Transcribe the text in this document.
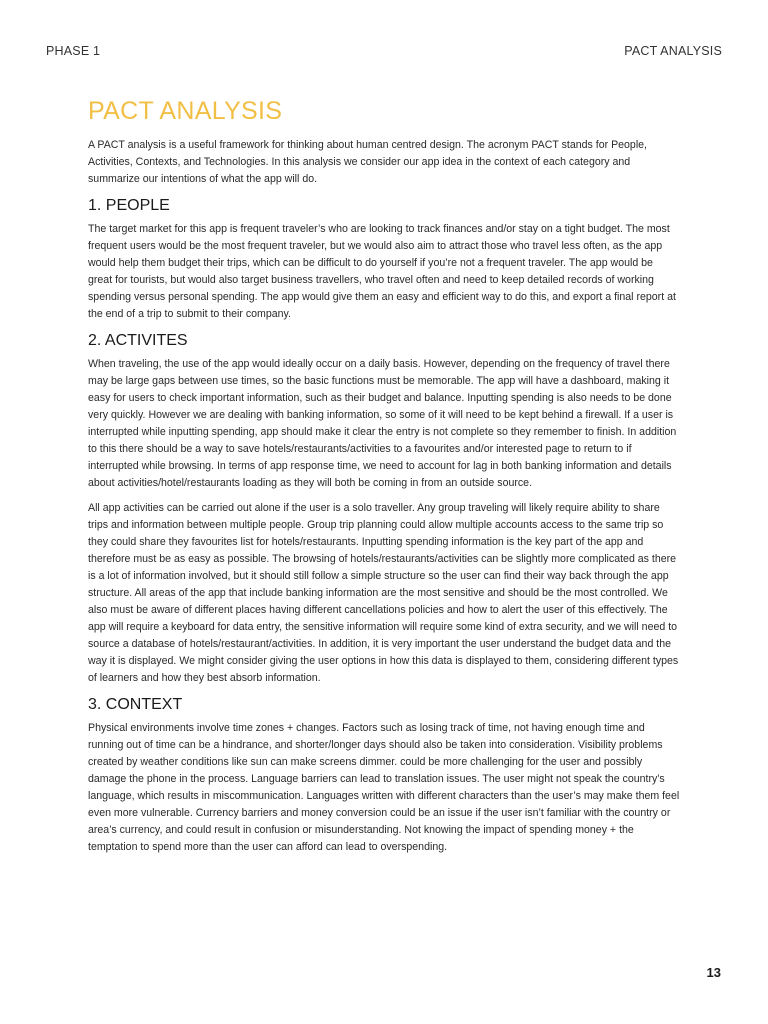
PHASE 1	PACT ANALYSIS
PACT ANALYSIS

A PACT analysis is a useful framework for thinking about human centred design. The acronym PACT stands for People, Activities, Contexts, and Technologies. In this analysis we consider our app idea in the context of each category and summarize our intentions of what the app will do.

1. PEOPLE

The target market for this app is frequent traveler’s who are looking to track finances and/or stay on a tight budget. The most frequent users would be the most frequent traveler, but we would also aim to attract those who travel less often, as the app would help them budget their trips, which can be difficult to do yourself if you’re not a frequent traveler. The app would be great for tourists, but would also target business travellers, who travel often and need to keep detailed records of working spending versus personal spending. The app would give them an easy and efficient way to do this, and export a final report at the end of a trip to submit to their company.

2. ACTIVITES

When traveling, the use of the app would ideally occur on a daily basis. However, depending on the frequency of travel there may be large gaps between use times, so the basic functions must be memorable. The app will have a dashboard, making it easy for users to check important information, such as their budget and balance. Inputting spending is also needs to be done very quickly. However we are dealing with banking information, so some of it will need to be kept behind a firewall. If a user is interrupted while inputting spending, app should make it clear the entry is not complete so they remember to finish. In addition to this there should be a way to save hotels/restaurants/activities to a favourites and/or interested page to return to if interrupted while browsing. In terms of app response time, we need to account for lag in both banking information and details about activities/hotel/restaurants loading as they will both be coming in from an outside source.

All app activities can be carried out alone if the user is a solo traveller. Any group traveling will likely require ability to share trips and information between multiple people. Group trip planning could allow multiple accounts access to the same trip so they could share they favourites list for hotels/restaurants. Inputting spending information is the key part of the app and therefore must be as easy as possible. The browsing of hotels/restaurants/activities can be slightly more complicated as there is a lot of information involved, but it should still follow a simple structure so the user can find their way back through the app structure. All areas of the app that include banking information are the most sensitive and should be the most controlled. We also must be aware of different places having different cancellations policies and how to alert the user of this effectively. The app will require a keyboard for data entry, the sensitive information will require some kind of extra security, and we will need to source a database of hotels/restaurant/activities. In addition, it is very important the user understand the budget data and the way it is displayed. We might consider giving the user options in how this data is displayed to them, considering different types of learners and how they best absorb information.

3. CONTEXT

Physical environments involve time zones + changes. Factors such as losing track of time, not having enough time and running out of time can be a hindrance, and shorter/longer days should also be taken into consideration. Visibility problems created by weather conditions like sun can make screens dimmer. could be more challenging for the user and possibly damage the phone in the process. Language barriers can lead to translation issues. The user might not speak the country’s language, which results in miscommunication. Languages written with different characters than the user’s may make them feel even more vulnerable. Currency barriers and money conversion could be an issue if the user isn’t familiar with the country or area’s currency, and could result in confusion or misunderstanding. Not knowing the impact of spending money + the temptation to spend more than the user can afford can lead to overspending.

13
